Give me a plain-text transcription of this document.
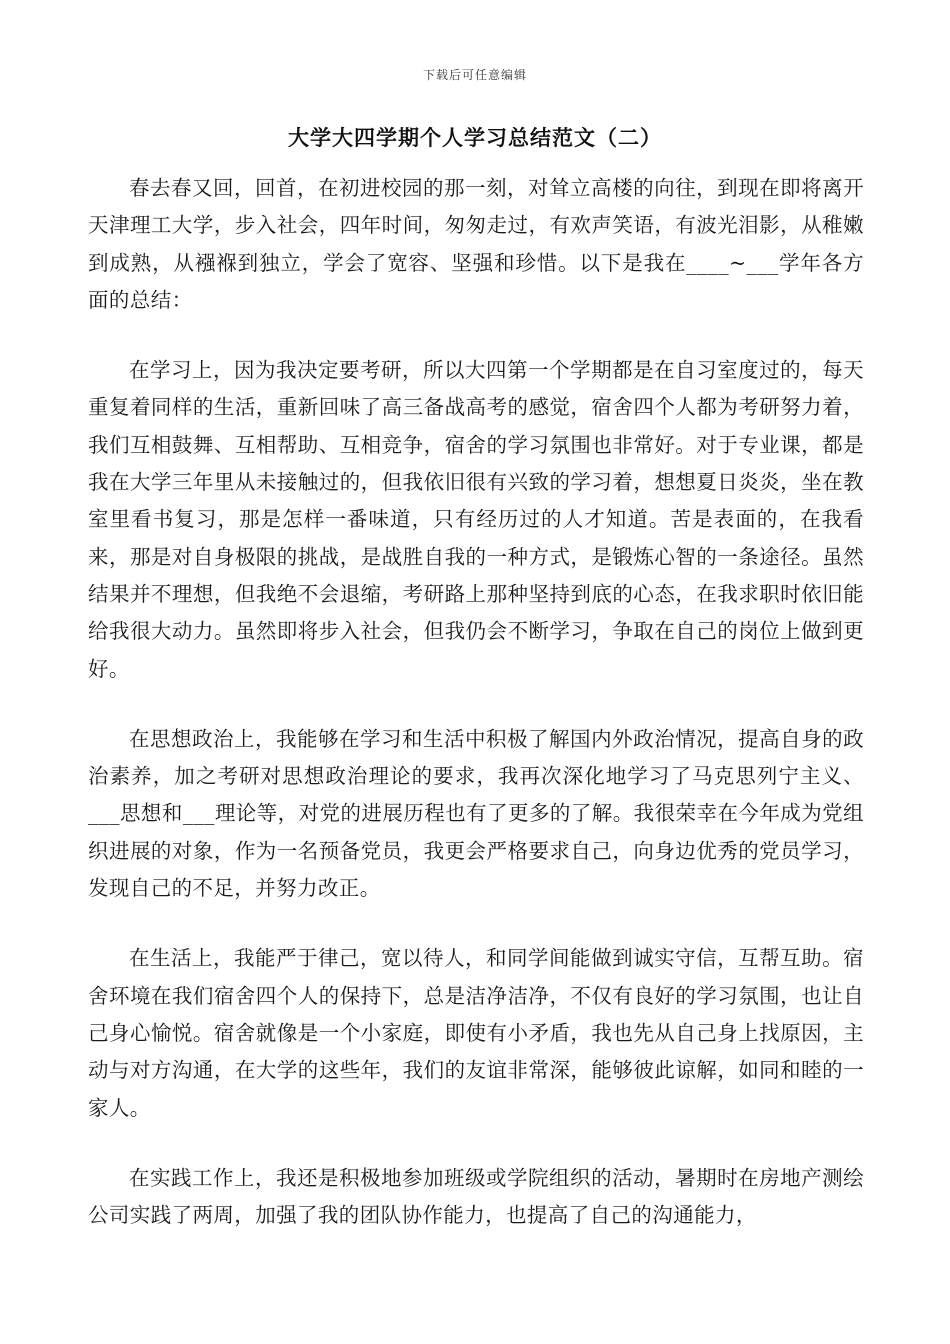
下载后可任意编辑
大学大四学期个人学习总结范文（二）

春去春又回，回首，在初进校园的那一刻，对耸立高楼的向往，到现在即将离开天津理工大学，步入社会，四年时间，匆匆走过，有欢声笑语，有波光泪影，从稚嫩到成熟，从襁褓到独立，学会了宽容、坚强和珍惜。以下是我在____~___学年各方面的总结：

在学习上，因为我决定要考研，所以大四第一个学期都是在自习室度过的，每天重复着同样的生活，重新回味了高三备战高考的感觉，宿舍四个人都为考研努力着，我们互相鼓舞、互相帮助、互相竞争，宿舍的学习氛围也非常好。对于专业课，都是我在大学三年里从未接触过的，但我依旧很有兴致的学习着，想想夏日炎炎，坐在教室里看书复习，那是怎样一番味道，只有经历过的人才知道。苦是表面的，在我看来，那是对自身极限的挑战，是战胜自我的一种方式，是锻炼心智的一条途径。虽然结果并不理想，但我绝不会退缩，考研路上那种坚持到底的心态，在我求职时依旧能给我很大动力。虽然即将步入社会，但我仍会不断学习，争取在自己的岗位上做到更好。

在思想政治上，我能够在学习和生活中积极了解国内外政治情况，提高自身的政治素养，加之考研对思想政治理论的要求，我再次深化地学习了马克思列宁主义、___思想和___理论等，对党的进展历程也有了更多的了解。我很荣幸在今年成为党组织进展的对象，作为一名预备党员，我更会严格要求自己，向身边优秀的党员学习，发现自己的不足，并努力改正。

在生活上，我能严于律己，宽以待人，和同学间能做到诚实守信，互帮互助。宿舍环境在我们宿舍四个人的保持下，总是洁净洁净，不仅有良好的学习氛围，也让自己身心愉悦。宿舍就像是一个小家庭，即使有小矛盾，我也先从自己身上找原因，主动与对方沟通，在大学的这些年，我们的友谊非常深，能够彼此谅解，如同和睦的一家人。

在实践工作上，我还是积极地参加班级或学院组织的活动，暑期时在房地产测绘公司实践了两周，加强了我的团队协作能力，也提高了自己的沟通能力，
